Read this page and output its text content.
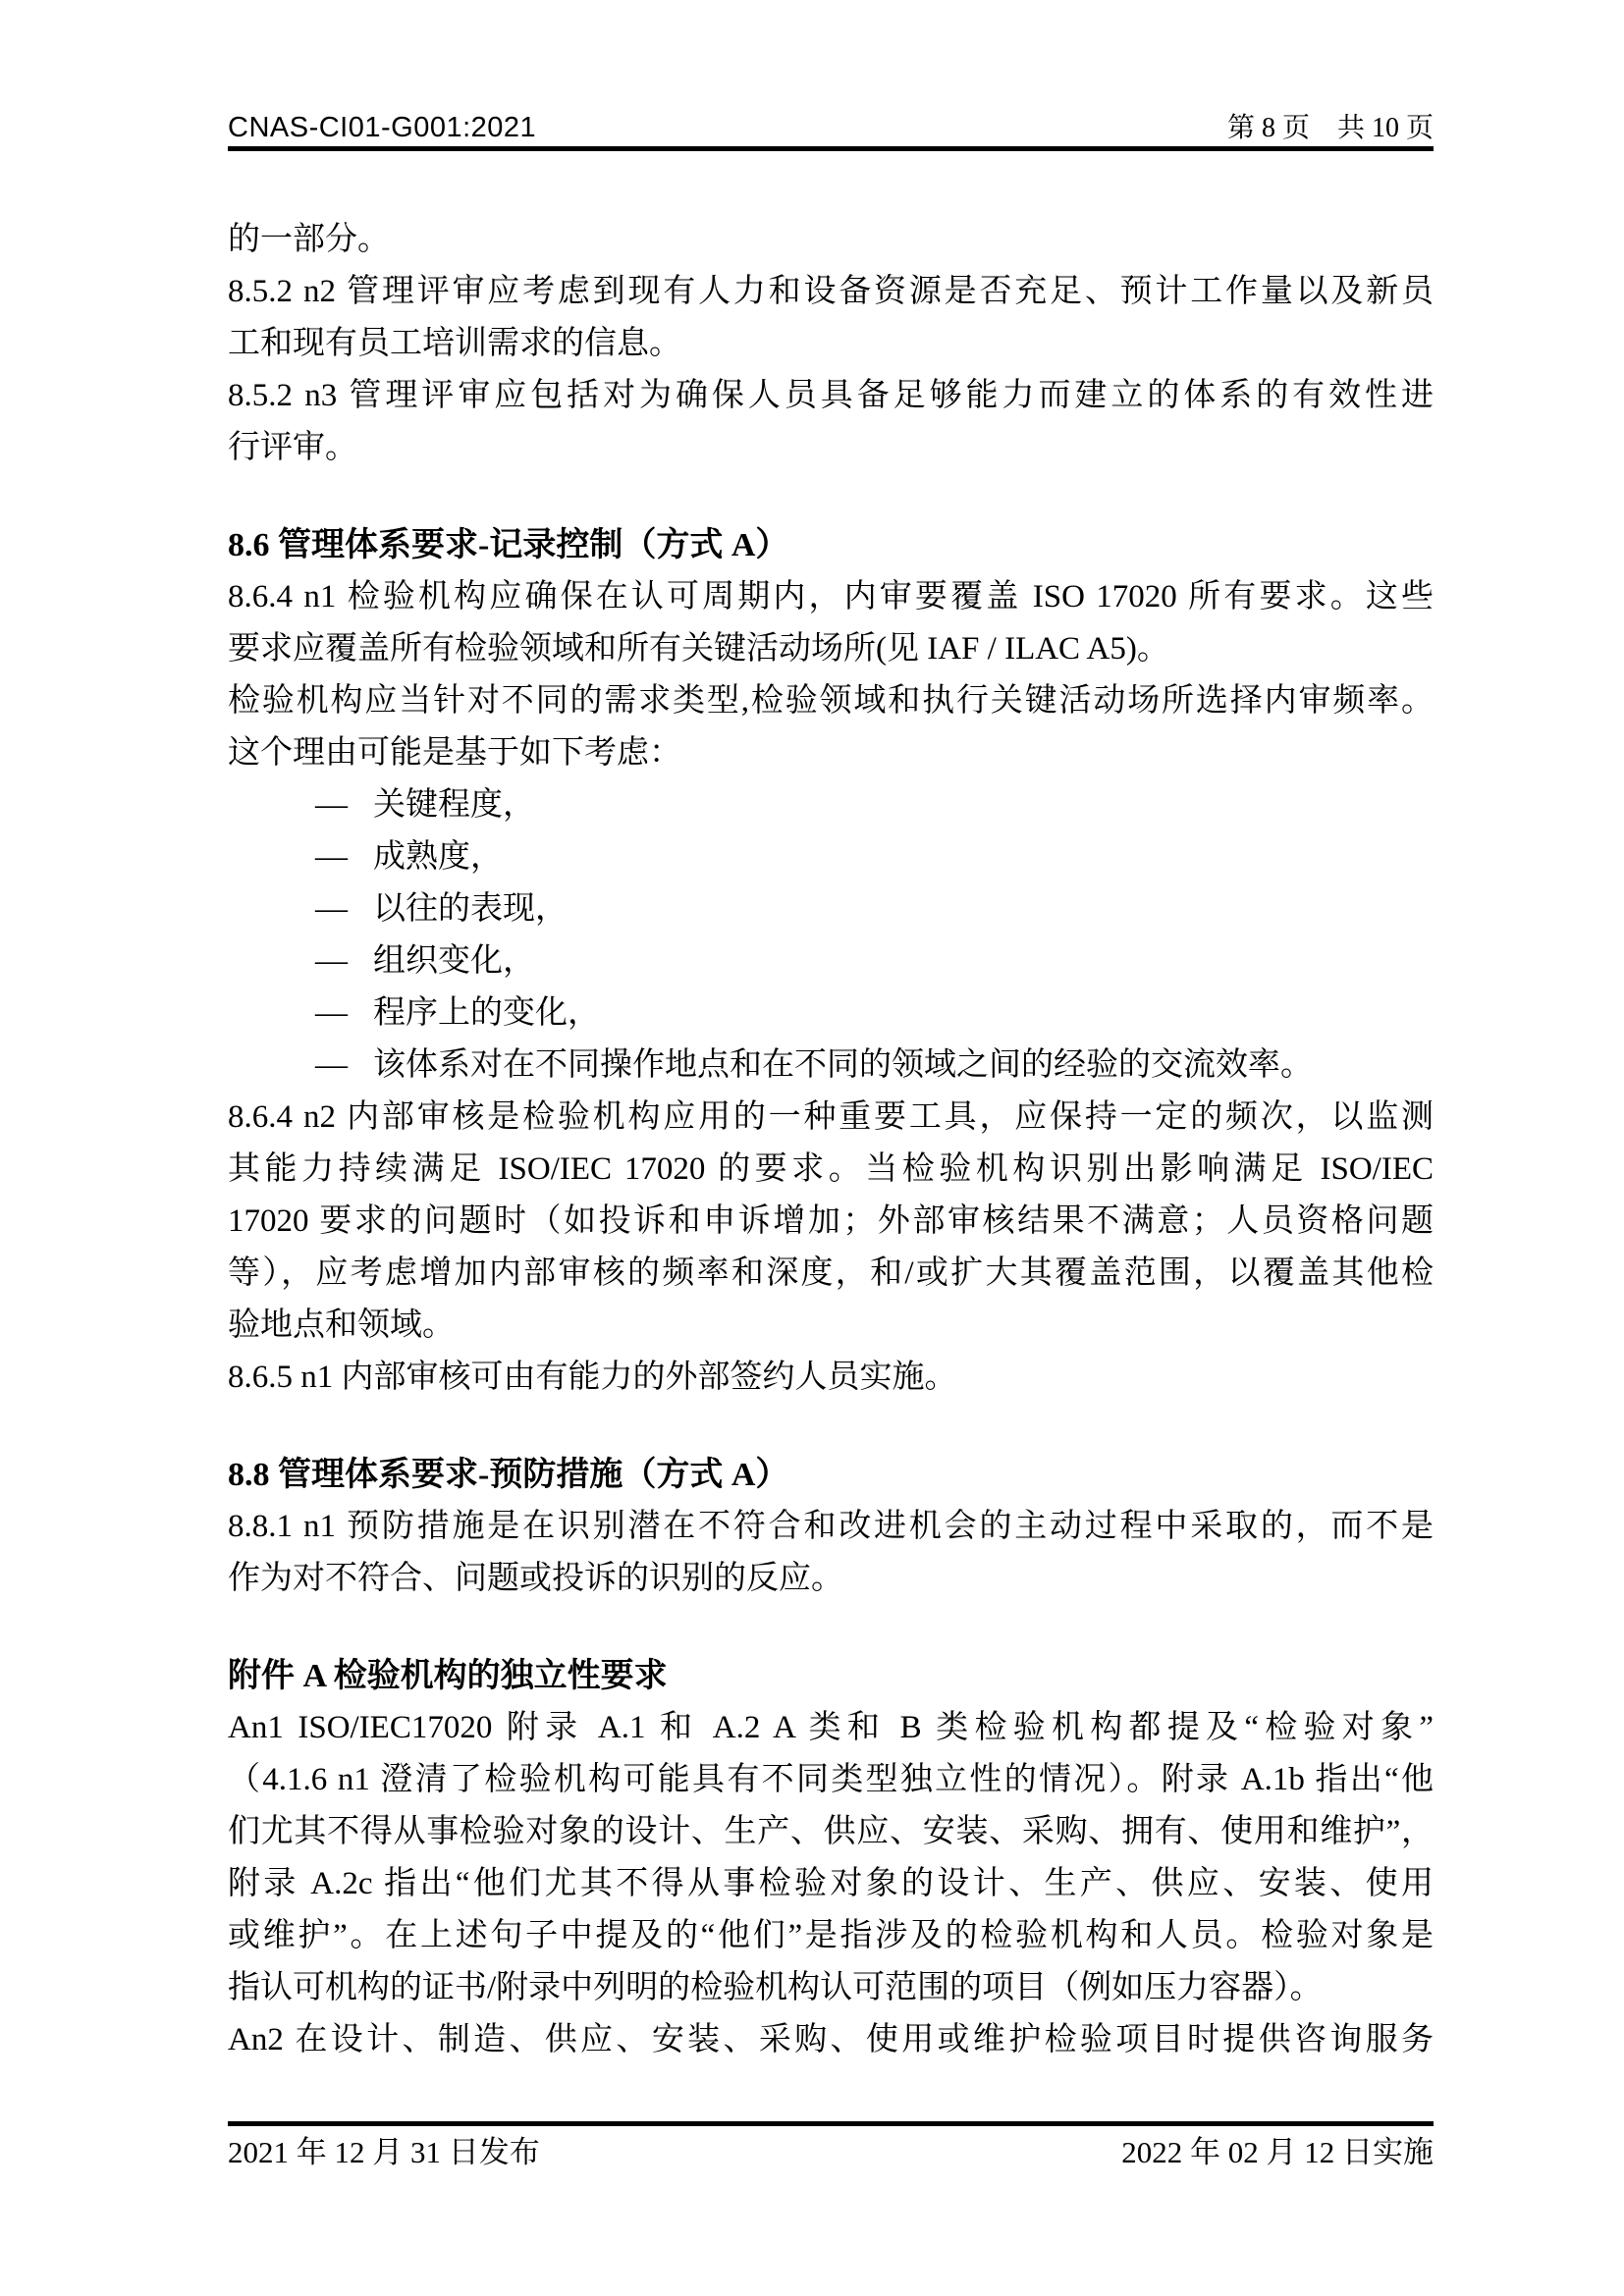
CNAS-CI01-G001:2021	第 8 页　共 10 页

的一部分。

8.5.2 n2 管理评审应考虑到现有人力和设备资源是否充足、预计工作量以及新员
工和现有员工培训需求的信息。

8.5.2 n3 管理评审应包括对为确保人员具备足够能力而建立的体系的有效性进
行评审。

8.6 管理体系要求-记录控制（方式 A）

8.6.4 n1 检验机构应确保在认可周期内，内审要覆盖 ISO 17020 所有要求。这些
要求应覆盖所有检验领域和所有关键活动场所(见 IAF / ILAC A5)。

检验机构应当针对不同的需求类型,检验领域和执行关键活动场所选择内审频率。
这个理由可能是基于如下考虑：

— 关键程度，
— 成熟度，
— 以往的表现，
— 组织变化，
— 程序上的变化，
— 该体系对在不同操作地点和在不同的领域之间的经验的交流效率。

8.6.4 n2 内部审核是检验机构应用的一种重要工具，应保持一定的频次，以监测
其能力持续满足 ISO/IEC 17020 的要求。当检验机构识别出影响满足 ISO/IEC
17020 要求的问题时（如投诉和申诉增加；外部审核结果不满意；人员资格问题
等），应考虑增加内部审核的频率和深度，和/或扩大其覆盖范围，以覆盖其他检
验地点和领域。

8.6.5 n1 内部审核可由有能力的外部签约人员实施。

8.8 管理体系要求-预防措施（方式 A）

8.8.1 n1 预防措施是在识别潜在不符合和改进机会的主动过程中采取的，而不是
作为对不符合、问题或投诉的识别的反应。

附件 A 检验机构的独立性要求

An1 ISO/IEC17020 附录 A.1 和 A.2 A 类和 B 类检验机构都提及“检验对象”
（4.1.6 n1 澄清了检验机构可能具有不同类型独立性的情况）。附录 A.1b 指出“他
们尤其不得从事检验对象的设计、生产、供应、安装、采购、拥有、使用和维护”，
附录 A.2c 指出“他们尤其不得从事检验对象的设计、生产、供应、安装、使用
或维护”。在上述句子中提及的“他们”是指涉及的检验机构和人员。检验对象是
指认可机构的证书/附录中列明的检验机构认可范围的项目（例如压力容器）。

An2 在设计、制造、供应、安装、采购、使用或维护检验项目时提供咨询服务

2021 年 12 月 31 日发布	2022 年 02 月 12 日实施
